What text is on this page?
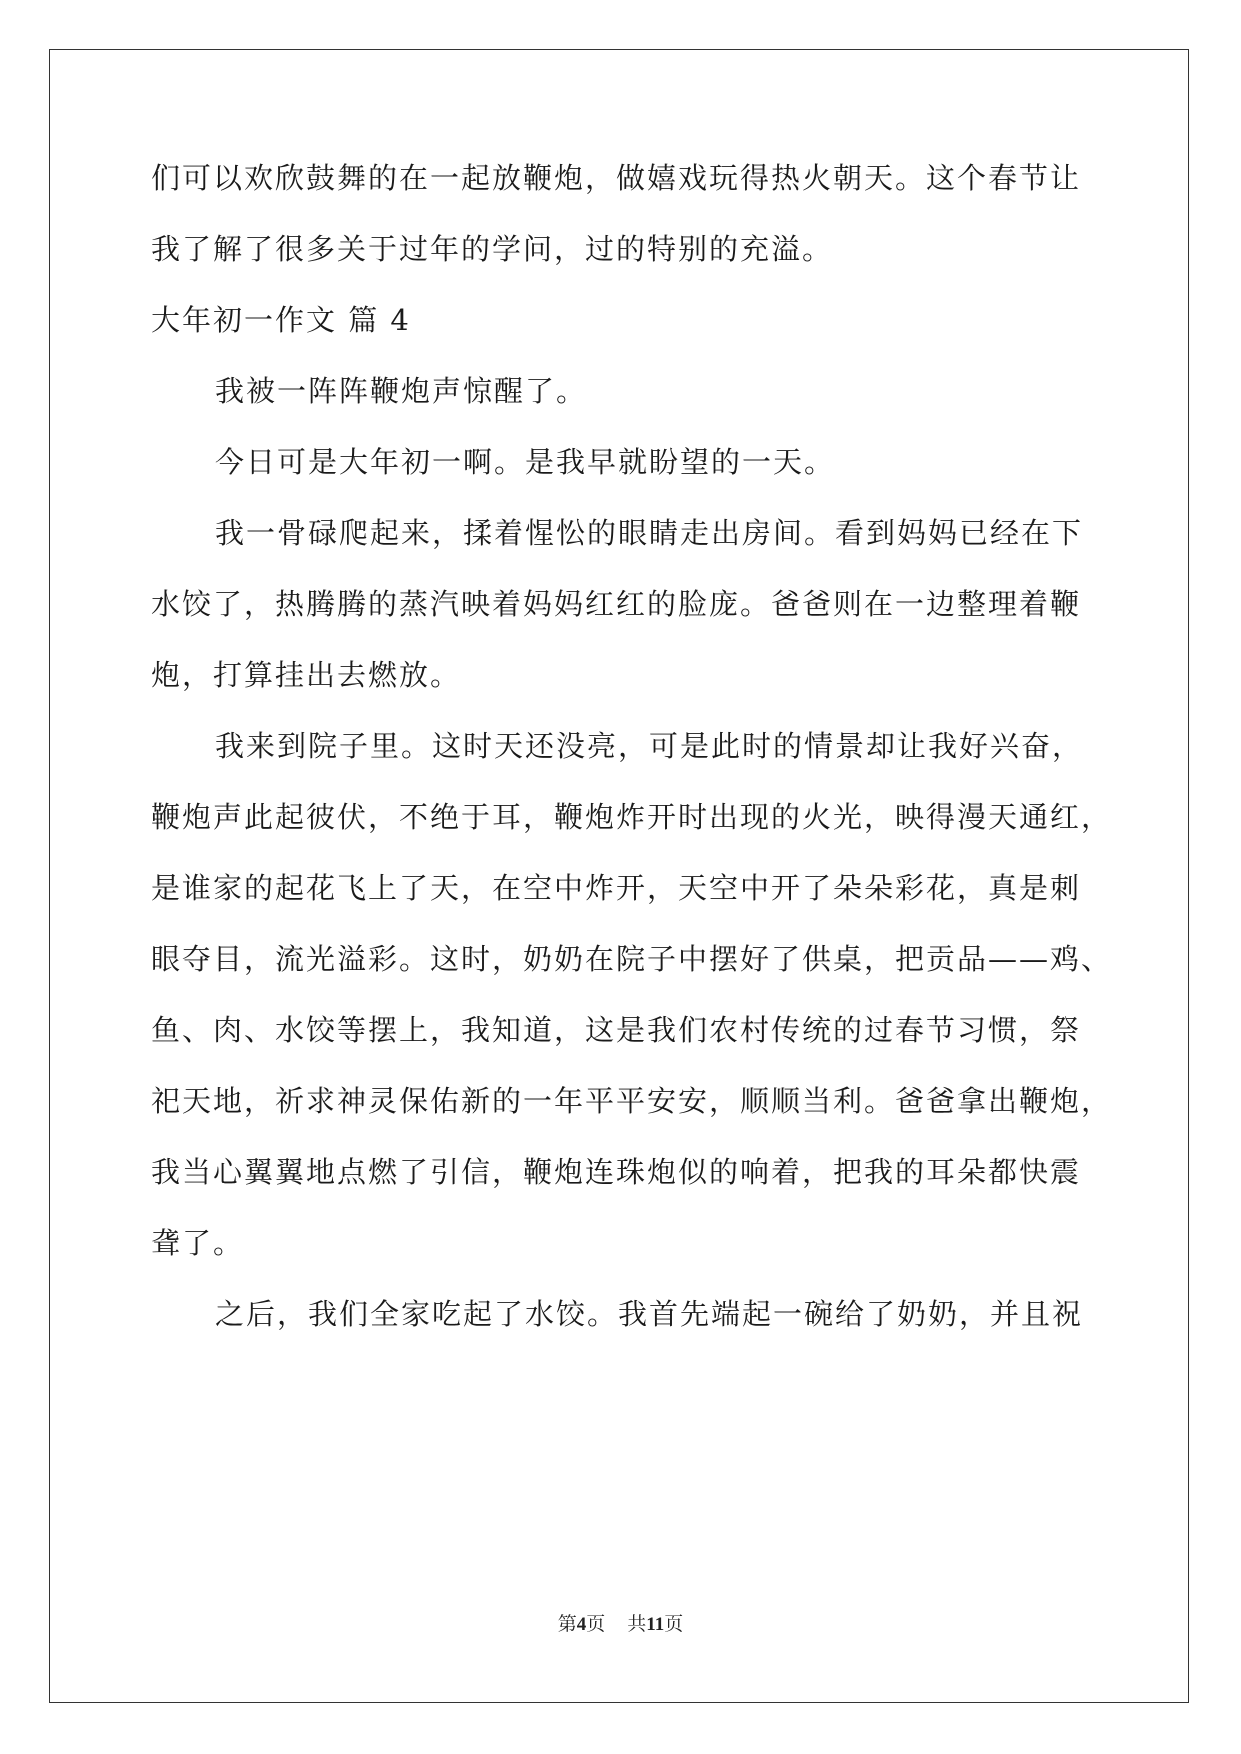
们可以欢欣鼓舞的在一起放鞭炮，做嬉戏玩得热火朝天。这个春节让
我了解了很多关于过年的学问，过的特别的充溢。
大年初一作文 篇 4
我被一阵阵鞭炮声惊醒了。
今日可是大年初一啊。是我早就盼望的一天。
我一骨碌爬起来，揉着惺忪的眼睛走出房间。看到妈妈已经在下
水饺了，热腾腾的蒸汽映着妈妈红红的脸庞。爸爸则在一边整理着鞭
炮，打算挂出去燃放。
我来到院子里。这时天还没亮，可是此时的情景却让我好兴奋，
鞭炮声此起彼伏，不绝于耳，鞭炮炸开时出现的火光，映得漫天通红，
是谁家的起花飞上了天，在空中炸开，天空中开了朵朵彩花，真是刺
眼夺目，流光溢彩。这时，奶奶在院子中摆好了供桌，把贡品——鸡、
鱼、肉、水饺等摆上，我知道，这是我们农村传统的过春节习惯，祭
祀天地，祈求神灵保佑新的一年平平安安，顺顺当利。爸爸拿出鞭炮，
我当心翼翼地点燃了引信，鞭炮连珠炮似的响着，把我的耳朵都快震
聋了。
之后，我们全家吃起了水饺。我首先端起一碗给了奶奶，并且祝
第4页 共11页
